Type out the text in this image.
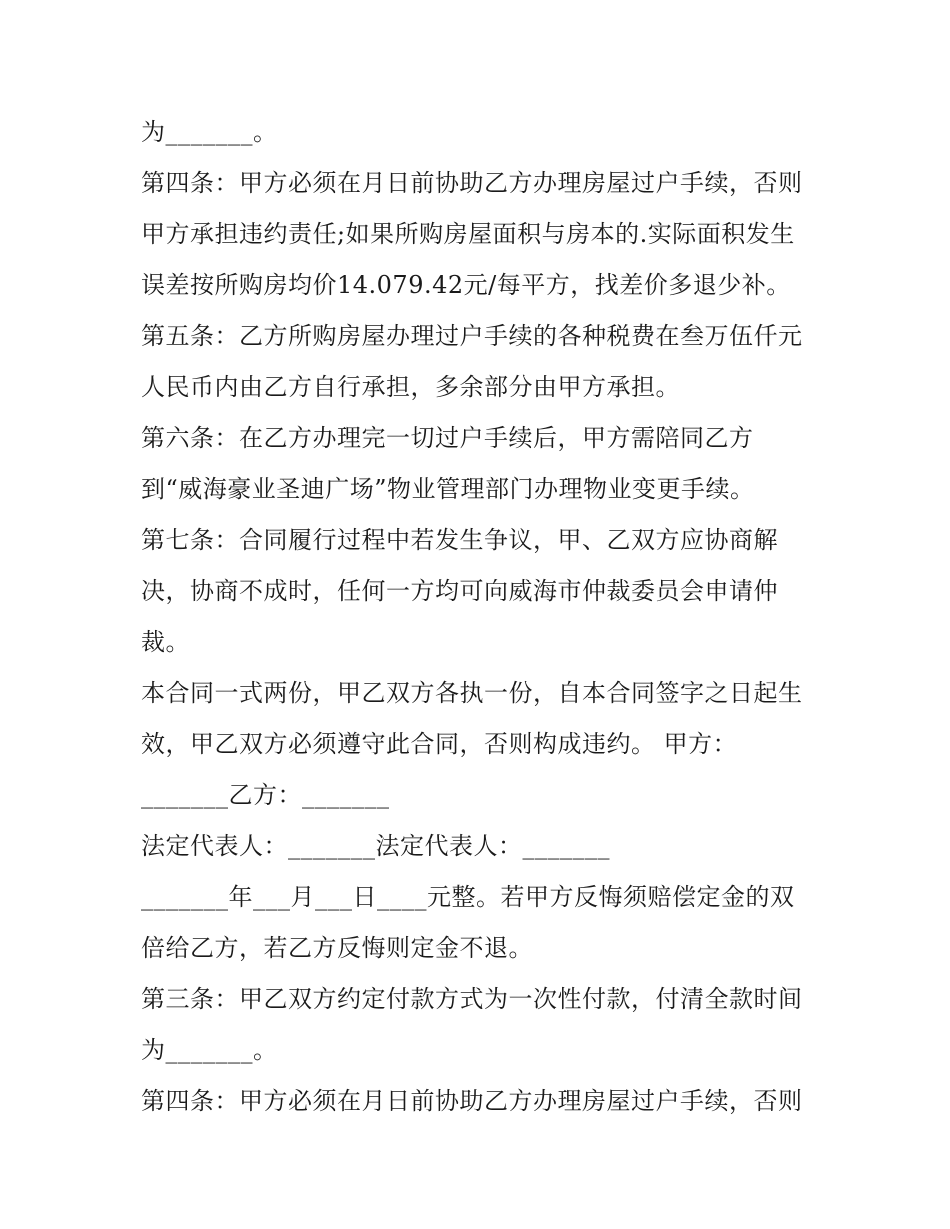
为_______。
第四条：甲方必须在月日前协助乙方办理房屋过户手续，否则
甲方承担违约责任;如果所购房屋面积与房本的.实际面积发生
误差按所购房均价14.079.42元/每平方，找差价多退少补。
第五条：乙方所购房屋办理过户手续的各种税费在叁万伍仟元
人民币内由乙方自行承担，多余部分由甲方承担。
第六条：在乙方办理完一切过户手续后，甲方需陪同乙方
到“威海豪业圣迪广场”物业管理部门办理物业变更手续。
第七条：合同履行过程中若发生争议，甲、乙双方应协商解
决，协商不成时，任何一方均可向威海市仲裁委员会申请仲
裁。
本合同一式两份，甲乙双方各执一份，自本合同签字之日起生
效，甲乙双方必须遵守此合同，否则构成违约。 甲方：
_______乙方：_______
法定代表人：_______法定代表人：_______
_______年___月___日____元整。若甲方反悔须赔偿定金的双
倍给乙方，若乙方反悔则定金不退。
第三条：甲乙双方约定付款方式为一次性付款，付清全款时间
为_______。
第四条：甲方必须在月日前协助乙方办理房屋过户手续，否则
